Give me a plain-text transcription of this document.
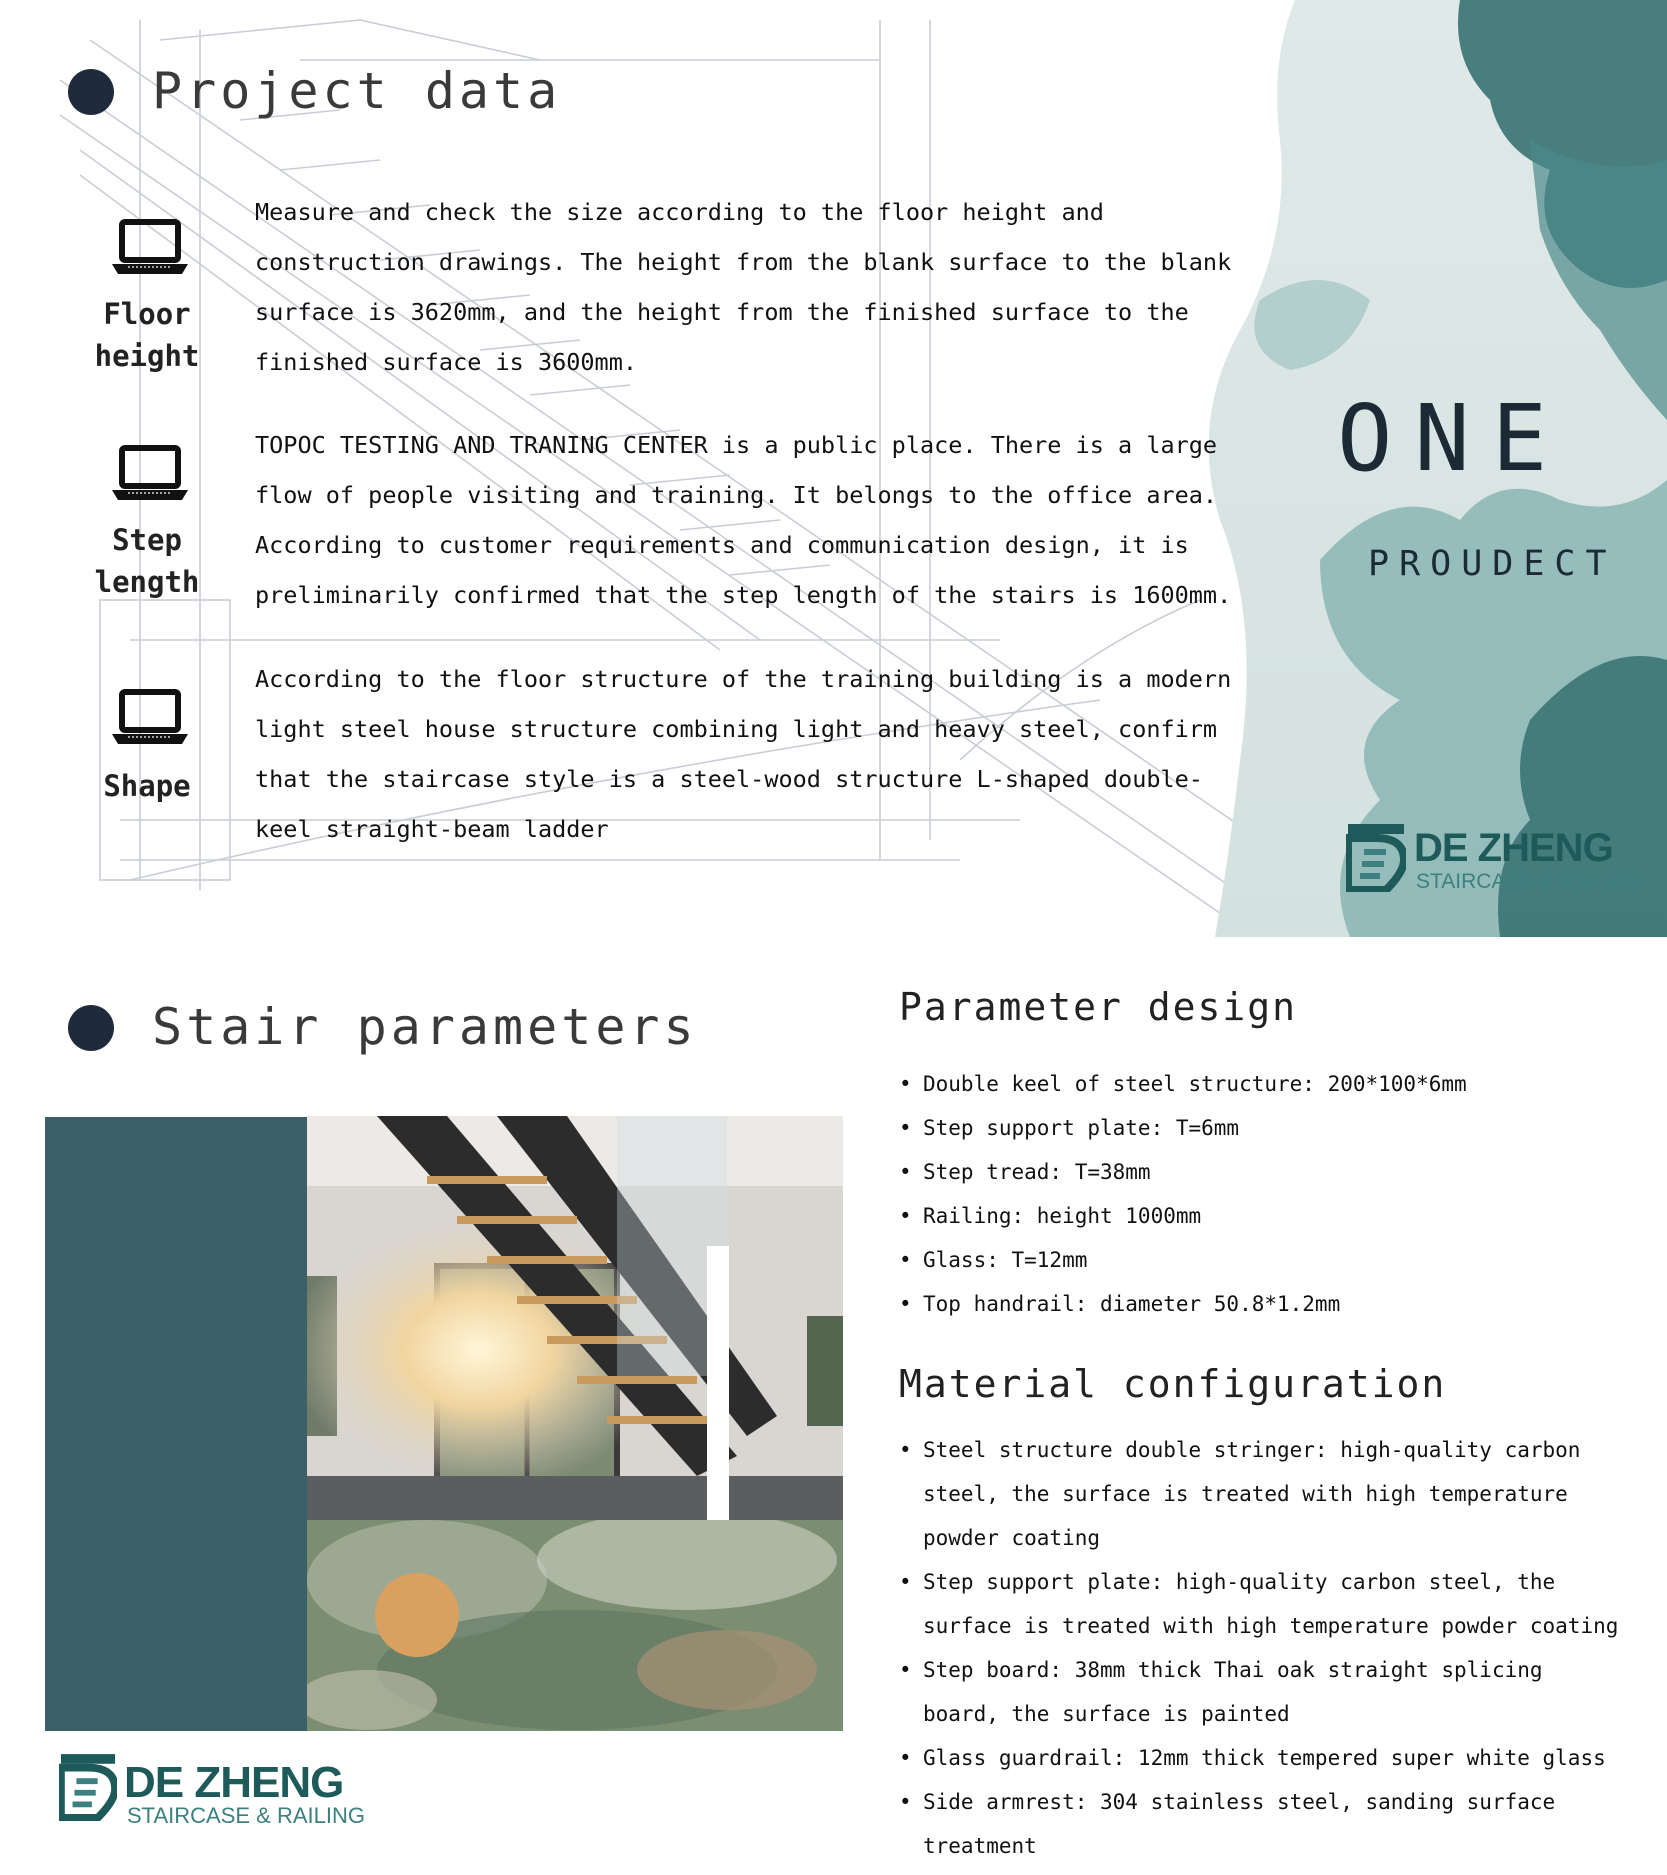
ONE
PROUDECT
DE ZHENG
STAIRCASE & RAILING
Project data
Floor
height
Measure and check the size according to the floor height and construction drawings. The height from the blank surface to the blank surface is 3620mm, and the height from the finished surface to the finished surface is 3600mm.
Step
length
TOPOC TESTING AND TRANING CENTER is a public place. There is a large flow of people visiting and training. It belongs to the office area. According to customer requirements and communication design, it is preliminarily confirmed that the step length of the stairs is 1600mm.
Shape
According to the floor structure of the training building is a modern light steel house structure combining light and heavy steel, confirm that the staircase style is a steel-wood structure L-shaped double-keel straight-beam ladder
Stair parameters
DE ZHENG
STAIRCASE & RAILING
Parameter design
• Double keel of steel structure: 200*100*6mm
• Step support plate: T=6mm
• Step tread: T=38mm
• Railing: height 1000mm
• Glass: T=12mm
• Top handrail: diameter 50.8*1.2mm
Material configuration
• Steel structure double stringer: high-quality carbon steel, the surface is treated with high temperature powder coating
• Step support plate: high-quality carbon steel, the surface is treated with high temperature powder coating
• Step board: 38mm thick Thai oak straight splicing board, the surface is painted
• Glass guardrail: 12mm thick tempered super white glass
• Side armrest: 304 stainless steel, sanding surface treatment
